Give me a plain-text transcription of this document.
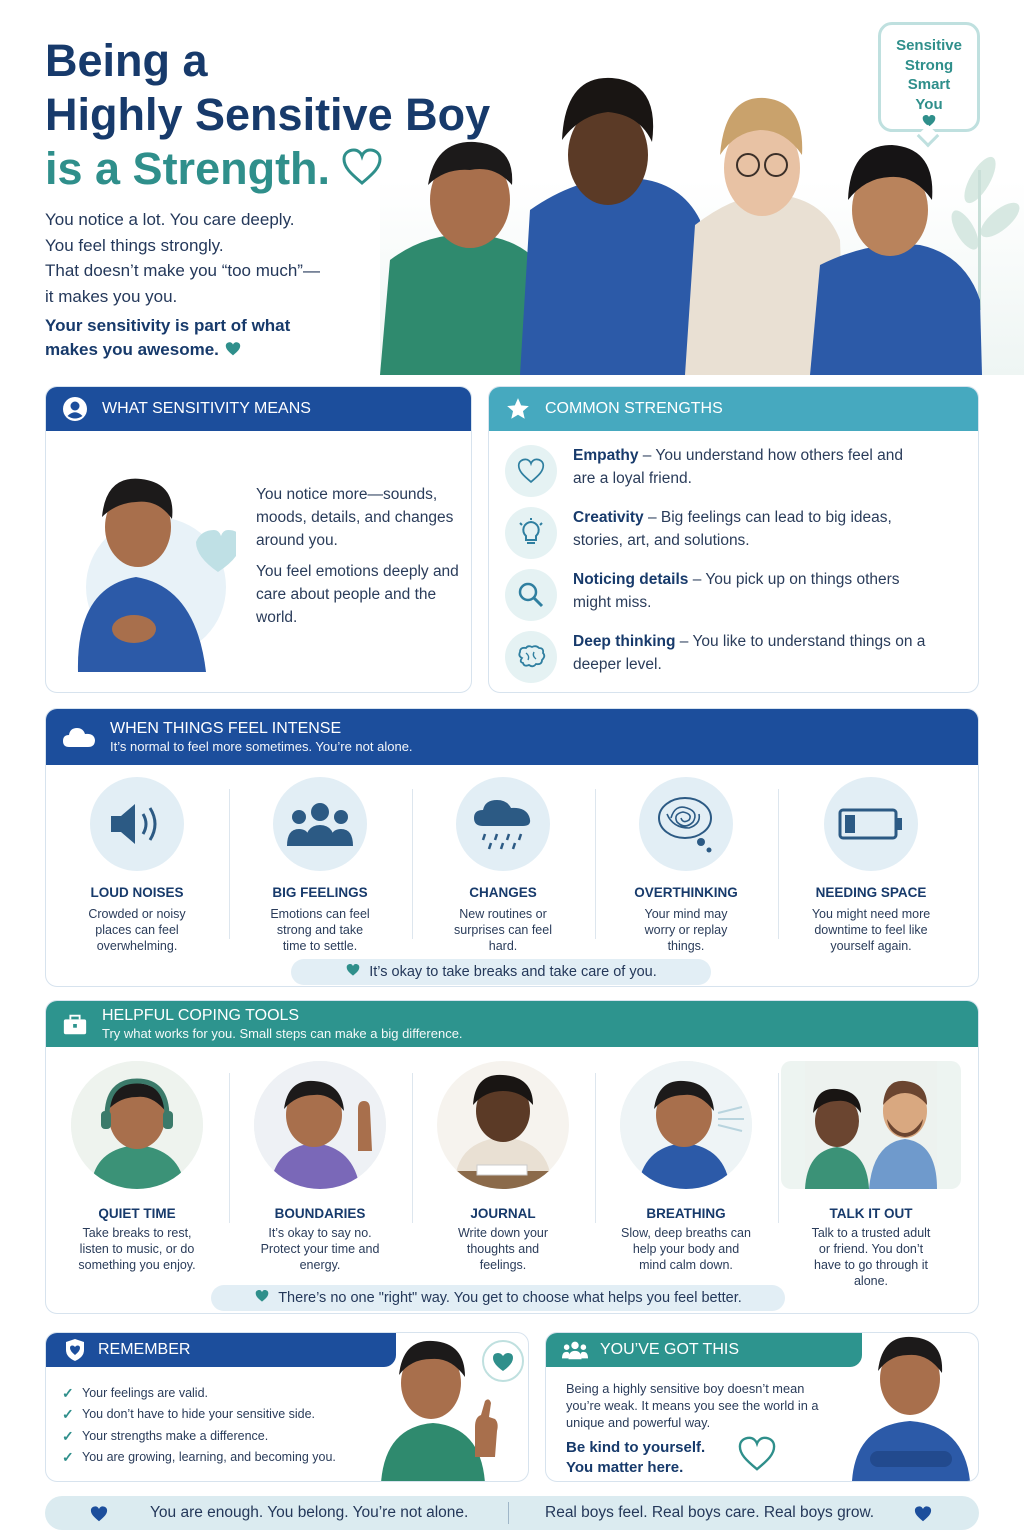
Being a
Highly Sensitive Boy
is a Strength.
You notice a lot. You care deeply.
You feel things strongly.
That doesn’t make you “too much”—
it makes you you.
Your sensitivity is part of what
makes you awesome.
Sensitive
Strong
Smart
You
WHAT SENSITIVITY MEANS

You notice more—sounds, moods, details, and changes around you.

You feel emotions deeply and care about people and the world.

COMMON STRENGTHS
Empathy – You understand how others feel and are a loyal friend.
Creativity – Big feelings can lead to big ideas, stories, art, and solutions.
Noticing details – You pick up on things others might miss.
Deep thinking – You like to understand things on a deeper level.
WHEN THINGS FEEL INTENSE
It’s normal to feel more sometimes. You’re not alone.
LOUD NOISES
Crowded or noisy places can feel overwhelming.
BIG FEELINGS
Emotions can feel strong and take time to settle.
CHANGES
New routines or surprises can feel hard.
OVERTHINKING
Your mind may worry or replay things.
NEEDING SPACE
You might need more downtime to feel like yourself again.
It’s okay to take breaks and take care of you.
HELPFUL COPING TOOLS
Try what works for you. Small steps can make a big difference.
QUIET TIME
Take breaks to rest, listen to music, or do something you enjoy.
BOUNDARIES
It’s okay to say no. Protect your time and energy.
JOURNAL
Write down your thoughts and feelings.
BREATHING
Slow, deep breaths can help your body and mind calm down.
TALK IT OUT
Talk to a trusted adult or friend. You don’t have to go through it alone.
There’s no one "right" way. You get to choose what helps you feel better.
REMEMBER
✓ Your feelings are valid.
✓ You don’t have to hide your sensitive side.
✓ Your strengths make a difference.
✓ You are growing, learning, and becoming you.
YOU’VE GOT THIS
Being a highly sensitive boy doesn’t mean you’re weak. It means you see the world in a unique and powerful way.
Be kind to yourself.
You matter here.
You are enough. You belong. You’re not alone.	Real boys feel. Real boys care. Real boys grow.
